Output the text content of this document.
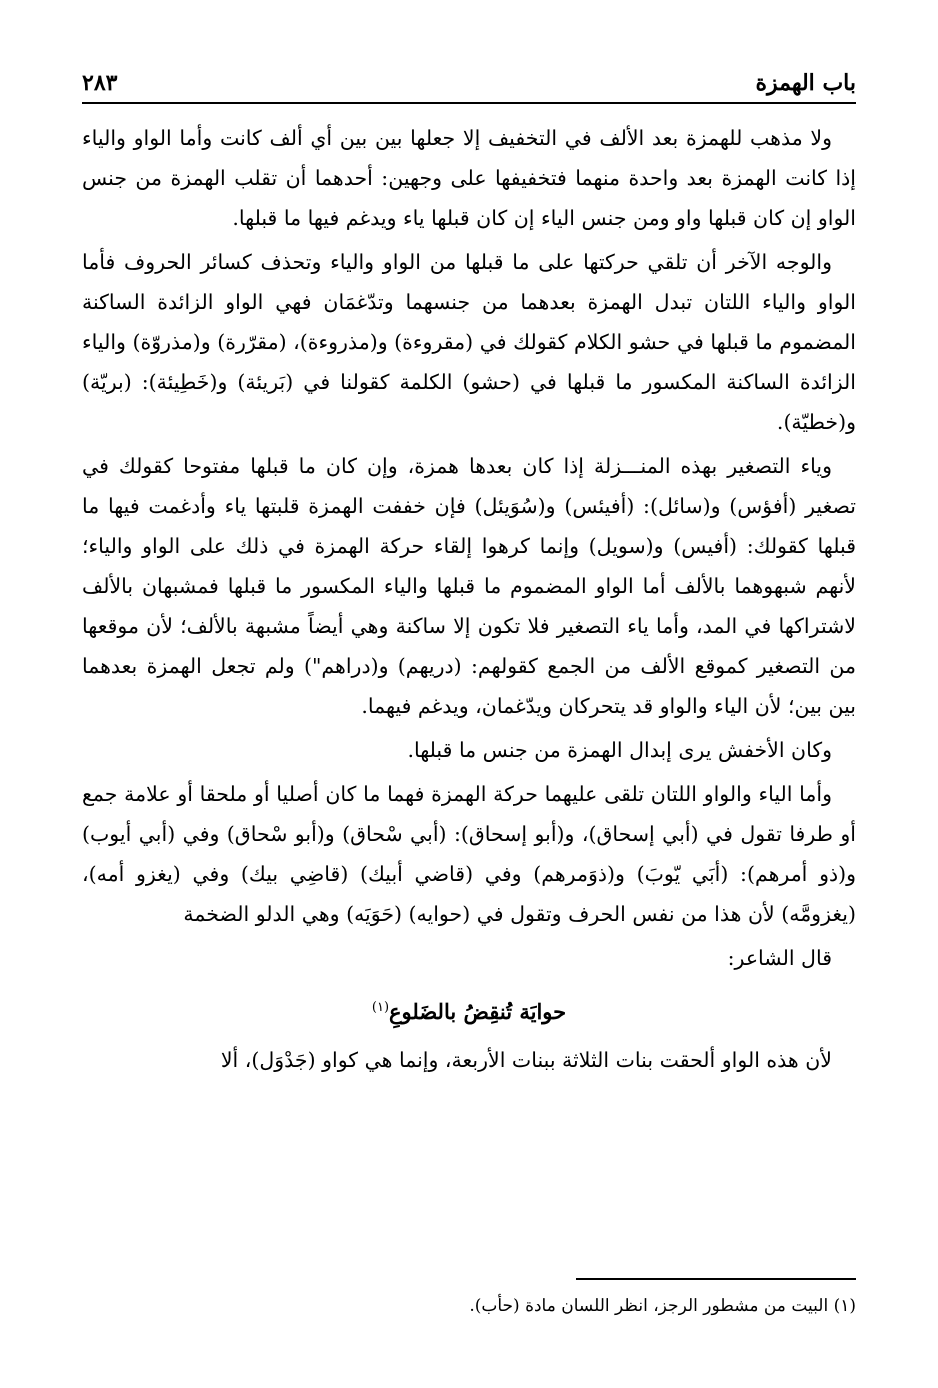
باب الهمزة
٢٨٣

ولا مذهب للهمزة بعد الألف في التخفيف إلا جعلها بين بين أي ألف كانت وأما الواو والياء إذا كانت الهمزة بعد واحدة منهما فتخفيفها على وجهين: أحدهما أن تقلب الهمزة من جنس الواو إن كان قبلها واو ومن جنس الياء إن كان قبلها ياء ويدغم فيها ما قبلها.

والوجه الآخر أن تلقي حركتها على ما قبلها من الواو والياء وتحذف كسائر الحروف فأما الواو والياء اللتان تبدل الهمزة بعدهما من جنسهما وتدّغمَان فهي الواو الزائدة الساكنة المضموم ما قبلها في حشو الكلام كقولك في (مقروءة) و(مذروءة)، (مقرّرة) و(مذروّة) والياء الزائدة الساكنة المكسور ما قبلها في (حشو) الكلمة كقولنا في (بَريئة) و(خَطِيئة): (بريّة) و(خطيّة).

وياء التصغير بهذه المنـــزلة إذا كان بعدها همزة، وإن كان ما قبلها مفتوحا كقولك في تصغير (أفؤس) و(سائل): (أفيئس) و(سُوَيئل) فإن خففت الهمزة قلبتها ياء وأدغمت فيها ما قبلها كقولك: (أفيس) و(سويل) وإنما كرهوا إلقاء حركة الهمزة في ذلك على الواو والياء؛ لأنهم شبهوهما بالألف أما الواو المضموم ما قبلها والياء المكسور ما قبلها فمشبهان بالألف لاشتراكها في المد، وأما ياء التصغير فلا تكون إلا ساكنة وهي أيضاً مشبهة بالألف؛ لأن موقعها من التصغير كموقع الألف من الجمع كقولهم: (دريهم) و(دراهم") ولم تجعل الهمزة بعدهما بين بين؛ لأن الياء والواو قد يتحركان ويدّغمان، ويدغم فيهما.

وكان الأخفش يرى إبدال الهمزة من جنس ما قبلها.

وأما الياء والواو اللتان تلقى عليهما حركة الهمزة فهما ما كان أصليا أو ملحقا أو علامة جمع أو طرفا تقول في (أبي إسحاق)، و(أبو إسحاق): (أبي سْحاق) و(أبو سْحاق) وفي (أبي أيوب) و(ذو أمرهم): (أبَي يّوبَ) و(ذوَمرهم) وفي (قاضي أبيك) (قاضِي بيك) وفي (يغزو أمه)، (يغزومَّه) لأن هذا من نفس الحرف وتقول في (حوايه) (حَوَيَه) وهي الدلو الضخمة

قال الشاعر:

حوايَة تُنقِضُ بالضَلوعِ$^{(١)}$

لأن هذه الواو ألحقت بنات الثلاثة ببنات الأربعة، وإنما هي كواو (جَدْوَل)، ألا

(١) البيت من مشطور الرجز، انظر اللسان مادة (حأب).
